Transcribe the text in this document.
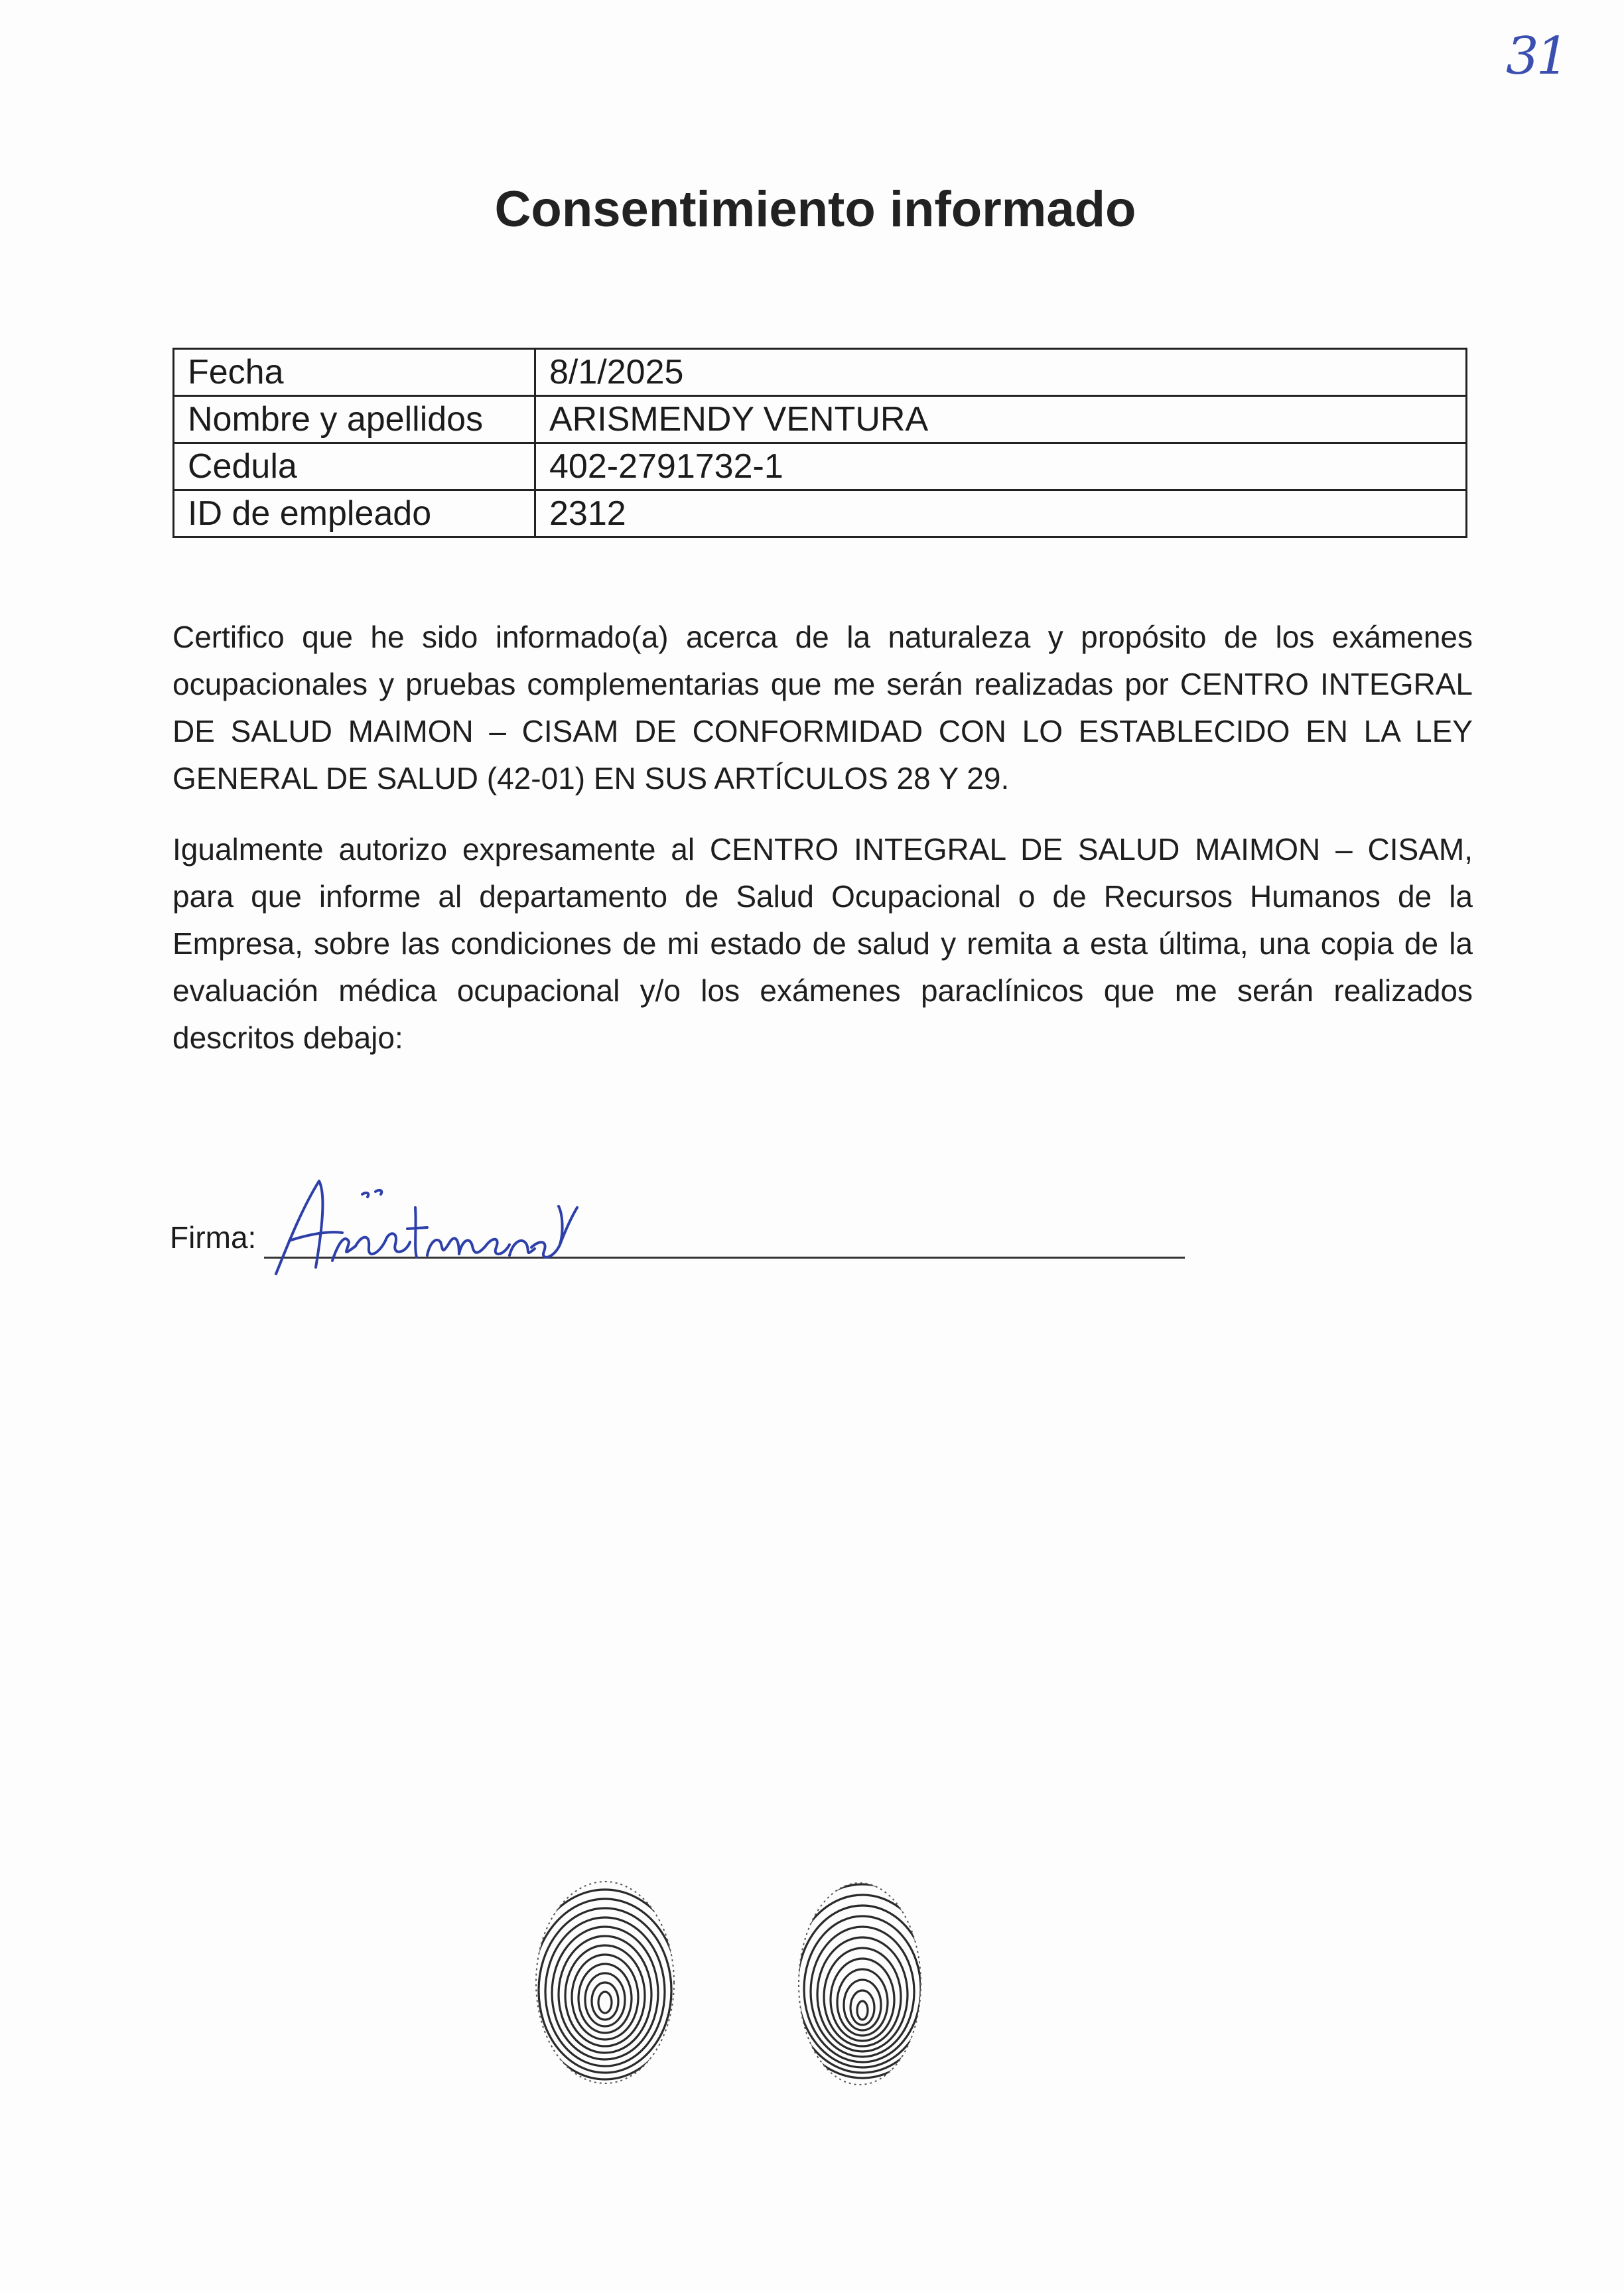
31
Consentimiento informado
Fecha	8/1/2025
Nombre y apellidos	ARISMENDY VENTURA
Cedula	402-2791732-1
ID de empleado	2312

Certifico que he sido informado(a) acerca de la naturaleza y propósito de los exámenes ocupacionales y pruebas complementarias que me serán realizadas por CENTRO INTEGRAL DE SALUD MAIMON – CISAM DE CONFORMIDAD CON LO ESTABLECIDO EN LA LEY GENERAL DE SALUD (42-01) EN SUS ARTÍCULOS 28 Y 29.

Igualmente autorizo expresamente al CENTRO INTEGRAL DE SALUD MAIMON – CISAM, para que informe al departamento de Salud Ocupacional o de Recursos Humanos de la Empresa, sobre las condiciones de mi estado de salud y remita a esta última, una copia de la evaluación médica ocupacional y/o los exámenes paraclínicos que me serán realizados descritos debajo:

Firma:
